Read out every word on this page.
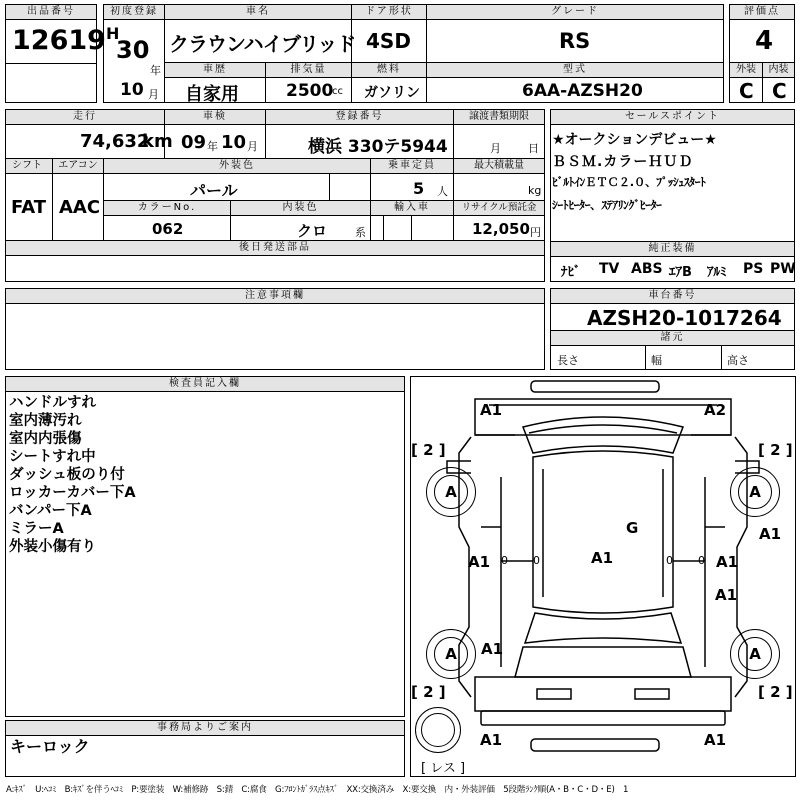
出品番号
12619
初度登録
H
30
年
10 月
車名
クラウンハイブリッド
ドア形状
4SD
グレード
RS
評価点
4
車歴
自家用
排気量
2500
cc
燃料
ガソリン
型式
6AA-AZSH20
外装
C
内装
C
走行
74,632
km
車検
09 年 10 月
登録番号
横浜 330テ5944
譲渡書類期限
月 日
シフト
FAT
エアコン
AAC
外装色
パール
乗車定員
5 人
最大積載量
kg
カラーNo.
062
内装色
クロ	系
輸入車	リサイクル預託金
12,050 円
後日発送部品
セールスポイント
★オークションデビュー★
ＢＳＭ.カラーＨＵＤ
ﾋﾞﾙﾄｲﾝＥＴＣ２.０、ﾌﾟｯｼｭｽﾀｰﾄ
ｼｰﾄﾋｰﾀｰ、ｽﾃｱﾘﾝｸﾞﾋｰﾀｰ
純正装備
ﾅﾋﾞ TV ABS ｴｱB ｱﾙﾐ PS PW
注意事項欄	車台番号
AZSH20-1017264
諸元
長さ	幅	高さ
検査員記入欄
ハンドルすれ
室内薄汚れ
室内内張傷
シートすれ中
ダッシュ板のり付
ロッカーカバー下A
バンパー下A
ミラーA
外装小傷有り
事務局よりご案内
キーロック
A1	A2
[ 2 ]	[ 2 ]
[ 2 ]	[ 2 ]
A	A
A	A
G
A1
A1	A1
A1
A1
A1
A1	A1
0 0	0 0
[ レス ]
A:ｷｽﾞ　U:ﾍｺﾐ　B:ｷｽﾞを伴うﾍｺﾐ　P:要塗装　W:補修跡　S:錆　C:腐食　G:ﾌﾛﾝﾄｶﾞﾗｽ点ｷｽﾞ　XX:交換済み　X:要交換　内・外装評価　5段階ﾗﾝｸ順(A・B・C・D・E)　1
